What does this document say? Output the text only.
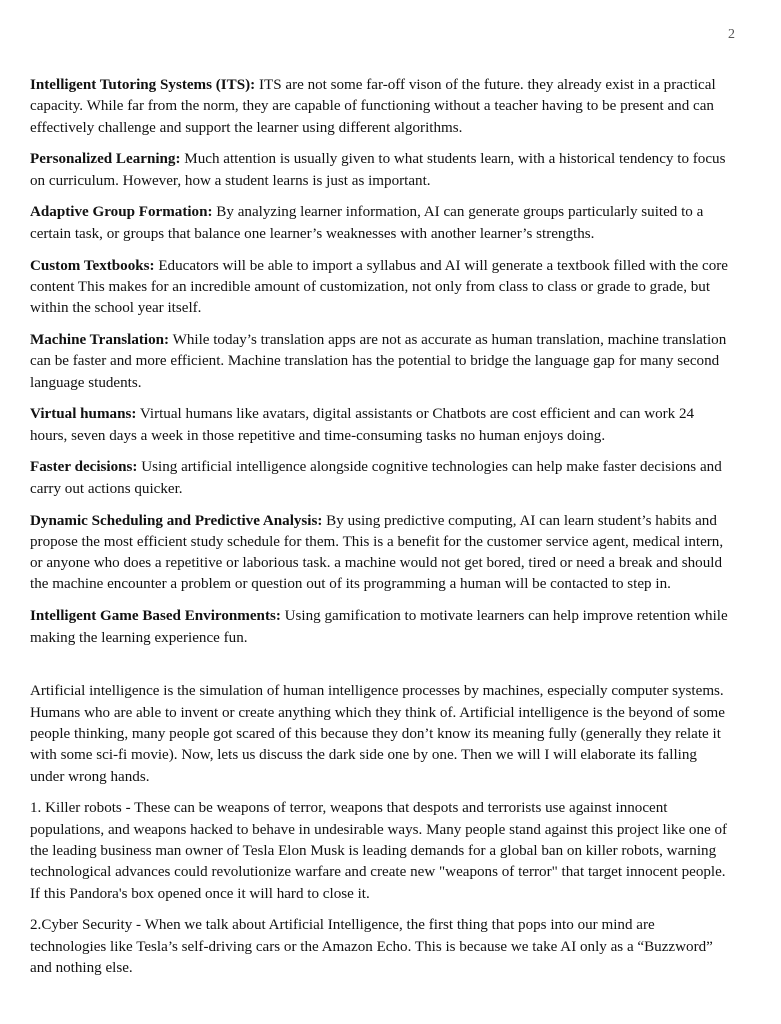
2
Intelligent Tutoring Systems (ITS): ITS are not some far-off vison of the future. they already exist in a practical capacity. While far from the norm, they are capable of functioning without a teacher having to be present and can effectively challenge and support the learner using different algorithms.
Personalized Learning: Much attention is usually given to what students learn, with a historical tendency to focus on curriculum. However, how a student learns is just as important.
Adaptive Group Formation: By analyzing learner information, AI can generate groups particularly suited to a certain task, or groups that balance one learner’s weaknesses with another learner’s strengths.
Custom Textbooks: Educators will be able to import a syllabus and AI will generate a textbook filled with the core content This makes for an incredible amount of customization, not only from class to class or grade to grade, but within the school year itself.
Machine Translation: While today’s translation apps are not as accurate as human translation, machine translation can be faster and more efficient. Machine translation has the potential to bridge the language gap for many second language students.
Virtual humans: Virtual humans like avatars, digital assistants or Chatbots are cost efficient and can work 24 hours, seven days a week in those repetitive and time-consuming tasks no human enjoys doing.
Faster decisions: Using artificial intelligence alongside cognitive technologies can help make faster decisions and carry out actions quicker.
Dynamic Scheduling and Predictive Analysis: By using predictive computing, AI can learn student’s habits and propose the most efficient study schedule for them. This is a benefit for the customer service agent, medical intern, or anyone who does a repetitive or laborious task. a machine would not get bored, tired or need a break and should the machine encounter a problem or question out of its programming a human will be contacted to step in.
Intelligent Game Based Environments: Using gamification to motivate learners can help improve retention while making the learning experience fun.

Artificial intelligence is the simulation of human intelligence processes by machines, especially computer systems. Humans who are able to invent or create anything which they think of. Artificial intelligence is the beyond of some people thinking, many people got scared of this because they don’t know its meaning fully (generally they relate it with some sci-fi movie). Now, lets us discuss the dark side one by one. Then we will I will elaborate its falling under wrong hands.

1. Killer robots - These can be weapons of terror, weapons that despots and terrorists use against innocent populations, and weapons hacked to behave in undesirable ways. Many people stand against this project like one of the leading business man owner of Tesla Elon Musk is leading demands for a global ban on killer robots, warning technological advances could revolutionize warfare and create new "weapons of terror" that target innocent people. If this Pandora's box opened once it will hard to close it.

2.Cyber Security - When we talk about Artificial Intelligence, the first thing that pops into our mind are technologies like Tesla’s self-driving cars or the Amazon Echo. This is because we take AI only as a “Buzzword” and nothing else.
